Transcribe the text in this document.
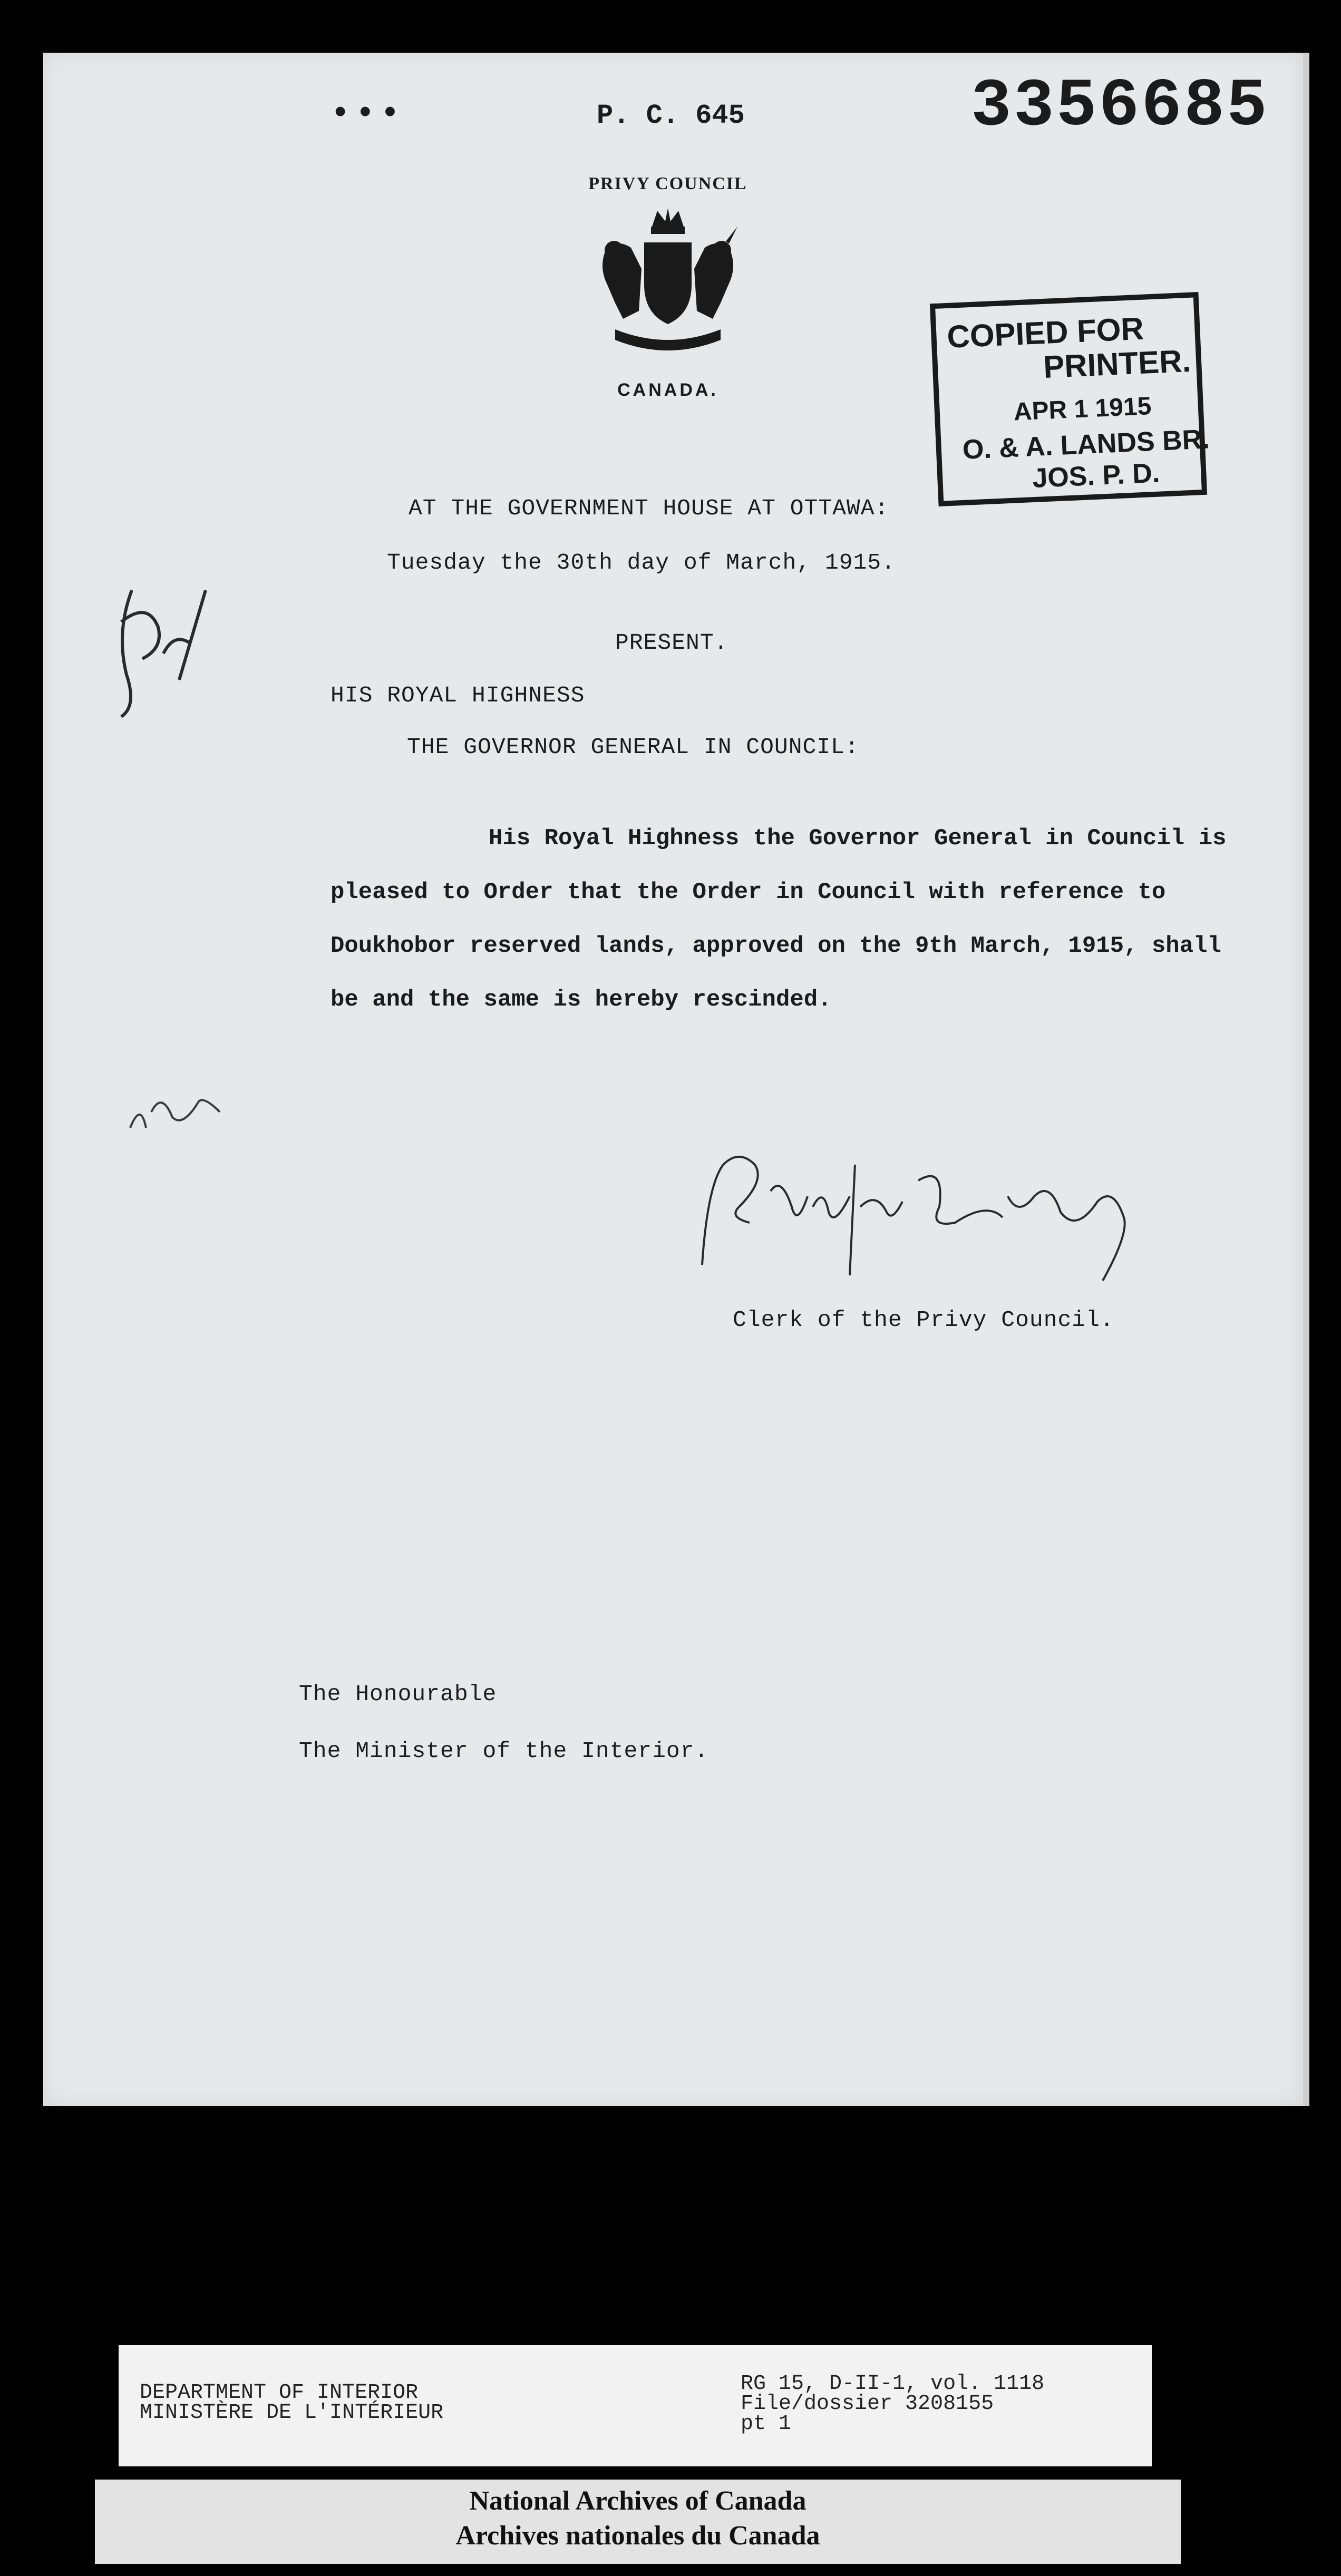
•••	P. C. 645	3356685
PRIVY COUNCIL
CANADA.
COPIED FOR
PRINTER.
APR 1 1915
O. & A. LANDS BR.
JOS. P. D.
AT THE GOVERNMENT HOUSE AT OTTAWA:
Tuesday the 30th day of March, 1915.
PRESENT.
HIS ROYAL HIGHNESS
THE GOVERNOR GENERAL IN COUNCIL:
His Royal Highness the Governor General in Council is pleased to Order that the Order in Council with reference to Doukhobor reserved lands, approved on the 9th March, 1915, shall be and the same is hereby rescinded.
Clerk of the Privy Council.
The Honourable
The Minister of the Interior.
DEPARTMENT OF INTERIOR
MINISTÈRE DE L'INTÉRIEUR
RG 15, D-II-1, vol. 1118
File/dossier 3208155
pt 1
National Archives of Canada
Archives nationales du Canada
